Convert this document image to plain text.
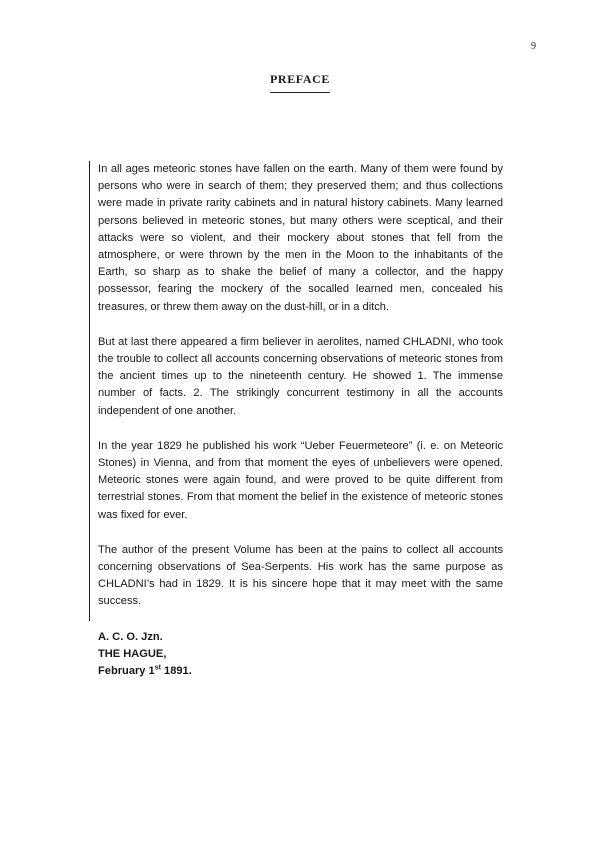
9
PREFACE

In all ages meteoric stones have fallen on the earth. Many of them were found by persons who were in search of them; they preserved them; and thus collections were made in private rarity cabinets and in natural history cabinets. Many learned persons believed in meteoric stones, but many others were sceptical, and their attacks were so violent, and their mockery about stones that fell from the atmosphere, or were thrown by the men in the Moon to the inhabitants of the Earth, so sharp as to shake the belief of many a collector, and the happy possessor, fearing the mockery of the socalled learned men, concealed his treasures, or threw them away on the dust-hill, or in a ditch.

But at last there appeared a firm believer in aerolites, named CHLADNI, who took the trouble to collect all accounts concerning observations of meteoric stones from the ancient times up to the nineteenth century. He showed 1. The immense number of facts. 2. The strikingly concurrent testimony in all the accounts independent of one another.

In the year 1829 he published his work “Ueber Feuermeteore” (i. e. on Meteoric Stones) in Vienna, and from that moment the eyes of unbelievers were opened. Meteoric stones were again found, and were proved to be quite different from terrestrial stones. From that moment the belief in the existence of meteoric stones was fixed for ever.

The author of the present Volume has been at the pains to collect all accounts concerning observations of Sea-Serpents. His work has the same purpose as CHLADNI’s had in 1829. It is his sincere hope that it may meet with the same success.

A. C. O. Jzn.
THE HAGUE,
February 1st 1891.
